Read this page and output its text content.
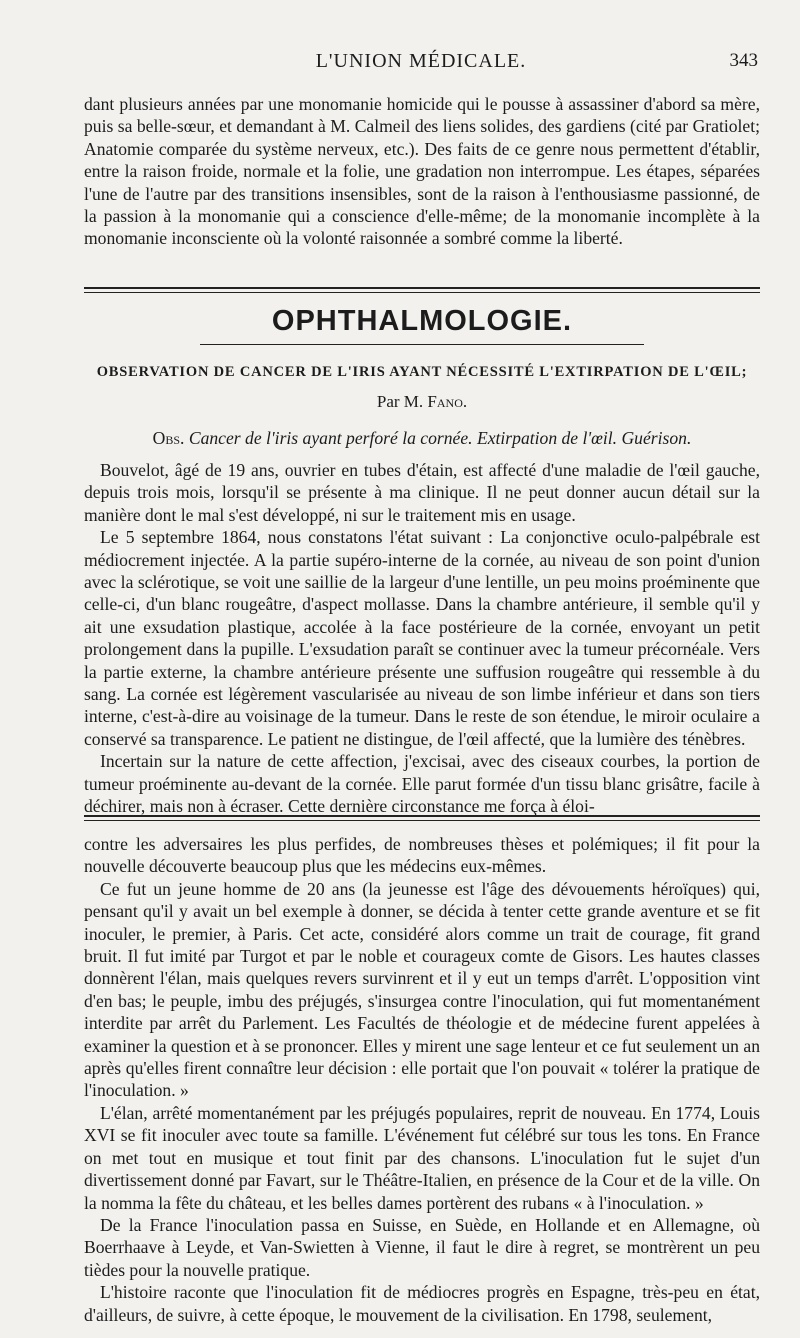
L'UNION MÉDICALE.	343

dant plusieurs années par une monomanie homicide qui le pousse à assassiner d'abord sa mère, puis sa belle-sœur, et demandant à M. Calmeil des liens solides, des gardiens (cité par Gratiolet; Anatomie comparée du système nerveux, etc.). Des faits de ce genre nous permettent d'établir, entre la raison froide, normale et la folie, une gradation non interrompue. Les étapes, séparées l'une de l'autre par des transitions insensibles, sont de la raison à l'enthousiasme passionné, de la passion à la monomanie qui a conscience d'elle-même; de la monomanie incomplète à la monomanie inconsciente où la volonté raisonnée a sombré comme la liberté.

OPHTHALMOLOGIE.
OBSERVATION DE CANCER DE L'IRIS AYANT NÉCESSITÉ L'EXTIRPATION DE L'ŒIL;
Par M. Fano.
Obs. Cancer de l'iris ayant perforé la cornée. Extirpation de l'œil. Guérison.

Bouvelot, âgé de 19 ans, ouvrier en tubes d'étain, est affecté d'une maladie de l'œil gauche, depuis trois mois, lorsqu'il se présente à ma clinique. Il ne peut donner aucun détail sur la manière dont le mal s'est développé, ni sur le traitement mis en usage.

Le 5 septembre 1864, nous constatons l'état suivant : La conjonctive oculo-palpébrale est médiocrement injectée. A la partie supéro-interne de la cornée, au niveau de son point d'union avec la sclérotique, se voit une saillie de la largeur d'une lentille, un peu moins proéminente que celle-ci, d'un blanc rougeâtre, d'aspect mollasse. Dans la chambre antérieure, il semble qu'il y ait une exsudation plastique, accolée à la face postérieure de la cornée, envoyant un petit prolongement dans la pupille. L'exsudation paraît se continuer avec la tumeur précornéale. Vers la partie externe, la chambre antérieure présente une suffusion rougeâtre qui ressemble à du sang. La cornée est légèrement vascularisée au niveau de son limbe inférieur et dans son tiers interne, c'est-à-dire au voisinage de la tumeur. Dans le reste de son étendue, le miroir oculaire a conservé sa transparence. Le patient ne distingue, de l'œil affecté, que la lumière des ténèbres.

Incertain sur la nature de cette affection, j'excisai, avec des ciseaux courbes, la portion de tumeur proéminente au-devant de la cornée. Elle parut formée d'un tissu blanc grisâtre, facile à déchirer, mais non à écraser. Cette dernière circonstance me força à éloi-

contre les adversaires les plus perfides, de nombreuses thèses et polémiques; il fit pour la nouvelle découverte beaucoup plus que les médecins eux-mêmes.

Ce fut un jeune homme de 20 ans (la jeunesse est l'âge des dévouements héroïques) qui, pensant qu'il y avait un bel exemple à donner, se décida à tenter cette grande aventure et se fit inoculer, le premier, à Paris. Cet acte, considéré alors comme un trait de courage, fit grand bruit. Il fut imité par Turgot et par le noble et courageux comte de Gisors. Les hautes classes donnèrent l'élan, mais quelques revers survinrent et il y eut un temps d'arrêt. L'opposition vint d'en bas; le peuple, imbu des préjugés, s'insurgea contre l'inoculation, qui fut momentanément interdite par arrêt du Parlement. Les Facultés de théologie et de médecine furent appelées à examiner la question et à se prononcer. Elles y mirent une sage lenteur et ce fut seulement un an après qu'elles firent connaître leur décision : elle portait que l'on pouvait « tolérer la pratique de l'inoculation. »

L'élan, arrêté momentanément par les préjugés populaires, reprit de nouveau. En 1774, Louis XVI se fit inoculer avec toute sa famille. L'événement fut célébré sur tous les tons. En France on met tout en musique et tout finit par des chansons. L'inoculation fut le sujet d'un divertissement donné par Favart, sur le Théâtre-Italien, en présence de la Cour et de la ville. On la nomma la fête du château, et les belles dames portèrent des rubans « à l'inoculation. »

De la France l'inoculation passa en Suisse, en Suède, en Hollande et en Allemagne, où Boerrhaave à Leyde, et Van-Swietten à Vienne, il faut le dire à regret, se montrèrent un peu tièdes pour la nouvelle pratique.

L'histoire raconte que l'inoculation fit de médiocres progrès en Espagne, très-peu en état, d'ailleurs, de suivre, à cette époque, le mouvement de la civilisation. En 1798, seulement,
